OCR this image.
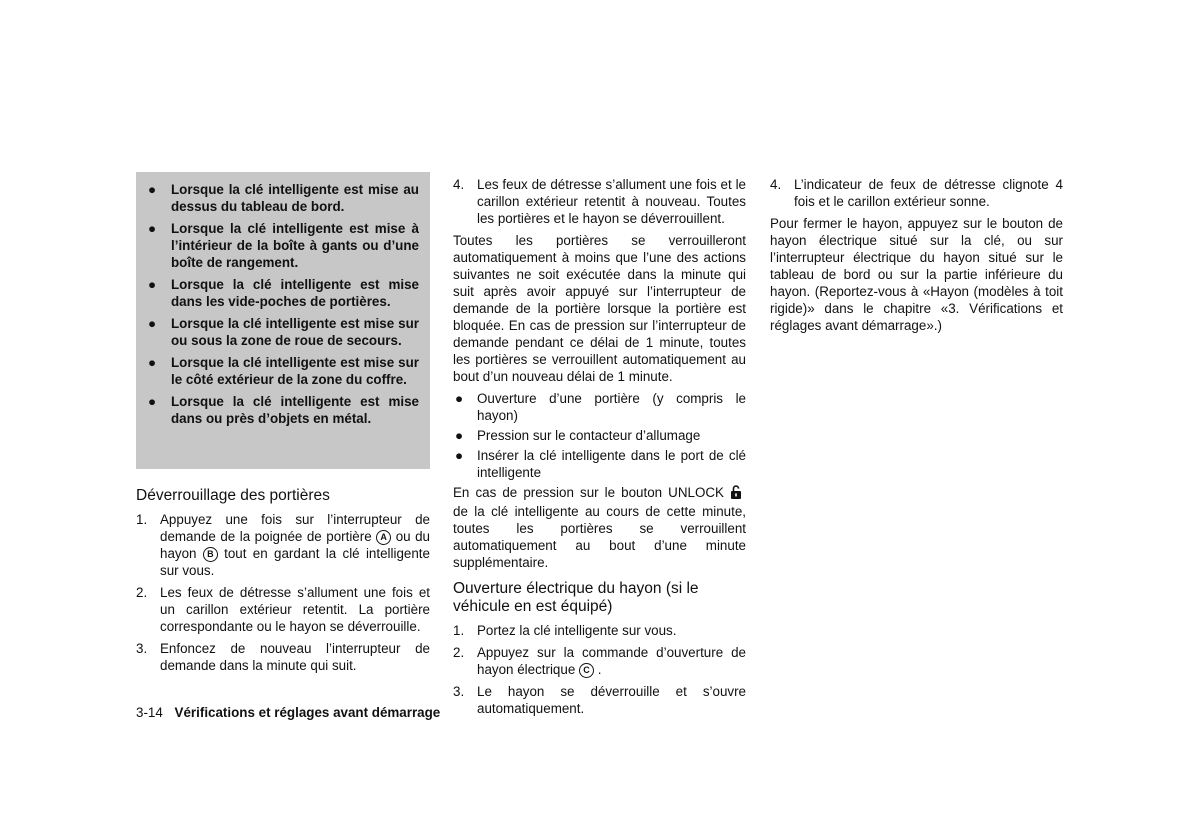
● Lorsque la clé intelligente est mise au dessus du tableau de bord.
● Lorsque la clé intelligente est mise à l’intérieur de la boîte à gants ou d’une boîte de rangement.
● Lorsque la clé intelligente est mise dans les vide-poches de portières.
● Lorsque la clé intelligente est mise sur ou sous la zone de roue de secours.
● Lorsque la clé intelligente est mise sur le côté extérieur de la zone du coffre.
● Lorsque la clé intelligente est mise dans ou près d’objets en métal.
Déverrouillage des portières
1. Appuyez une fois sur l’interrupteur de demande de la poignée de portière A ou du hayon B tout en gardant la clé intelligente sur vous.
2. Les feux de détresse s’allument une fois et un carillon extérieur retentit. La portière correspondante ou le hayon se déverrouille.
3. Enfoncez de nouveau l’interrupteur de demande dans la minute qui suit.
4. Les feux de détresse s’allument une fois et le carillon extérieur retentit à nouveau. Toutes les portières et le hayon se déverrouillent.

Toutes les portières se verrouilleront automatiquement à moins que l’une des actions suivantes ne soit exécutée dans la minute qui suit après avoir appuyé sur l’interrupteur de demande de la portière lorsque la portière est bloquée. En cas de pression sur l’interrupteur de demande pendant ce délai de 1 minute, toutes les portières se verrouillent automatiquement au bout d’un nouveau délai de 1 minute.

● Ouverture d’une portière (y compris le hayon)
● Pression sur le contacteur d’allumage
● Insérer la clé intelligente dans le port de clé intelligente

En cas de pression sur le bouton UNLOCK de la clé intelligente au cours de cette minute, toutes les portières se verrouillent automatiquement au bout d’une minute supplémentaire.

Ouverture électrique du hayon (si le véhicule en est équipé)
1. Portez la clé intelligente sur vous.
2. Appuyez sur la commande d’ouverture de hayon électrique C .
3. Le hayon se déverrouille et s’ouvre automatiquement.
4. L’indicateur de feux de détresse clignote 4 fois et le carillon extérieur sonne.

Pour fermer le hayon, appuyez sur le bouton de hayon électrique situé sur la clé, ou sur l’interrupteur électrique du hayon situé sur le tableau de bord ou sur la partie inférieure du hayon. (Reportez-vous à «Hayon (modèles à toit rigide)» dans le chapitre «3. Vérifications et réglages avant démarrage».)

3-14 Vérifications et réglages avant démarrage
